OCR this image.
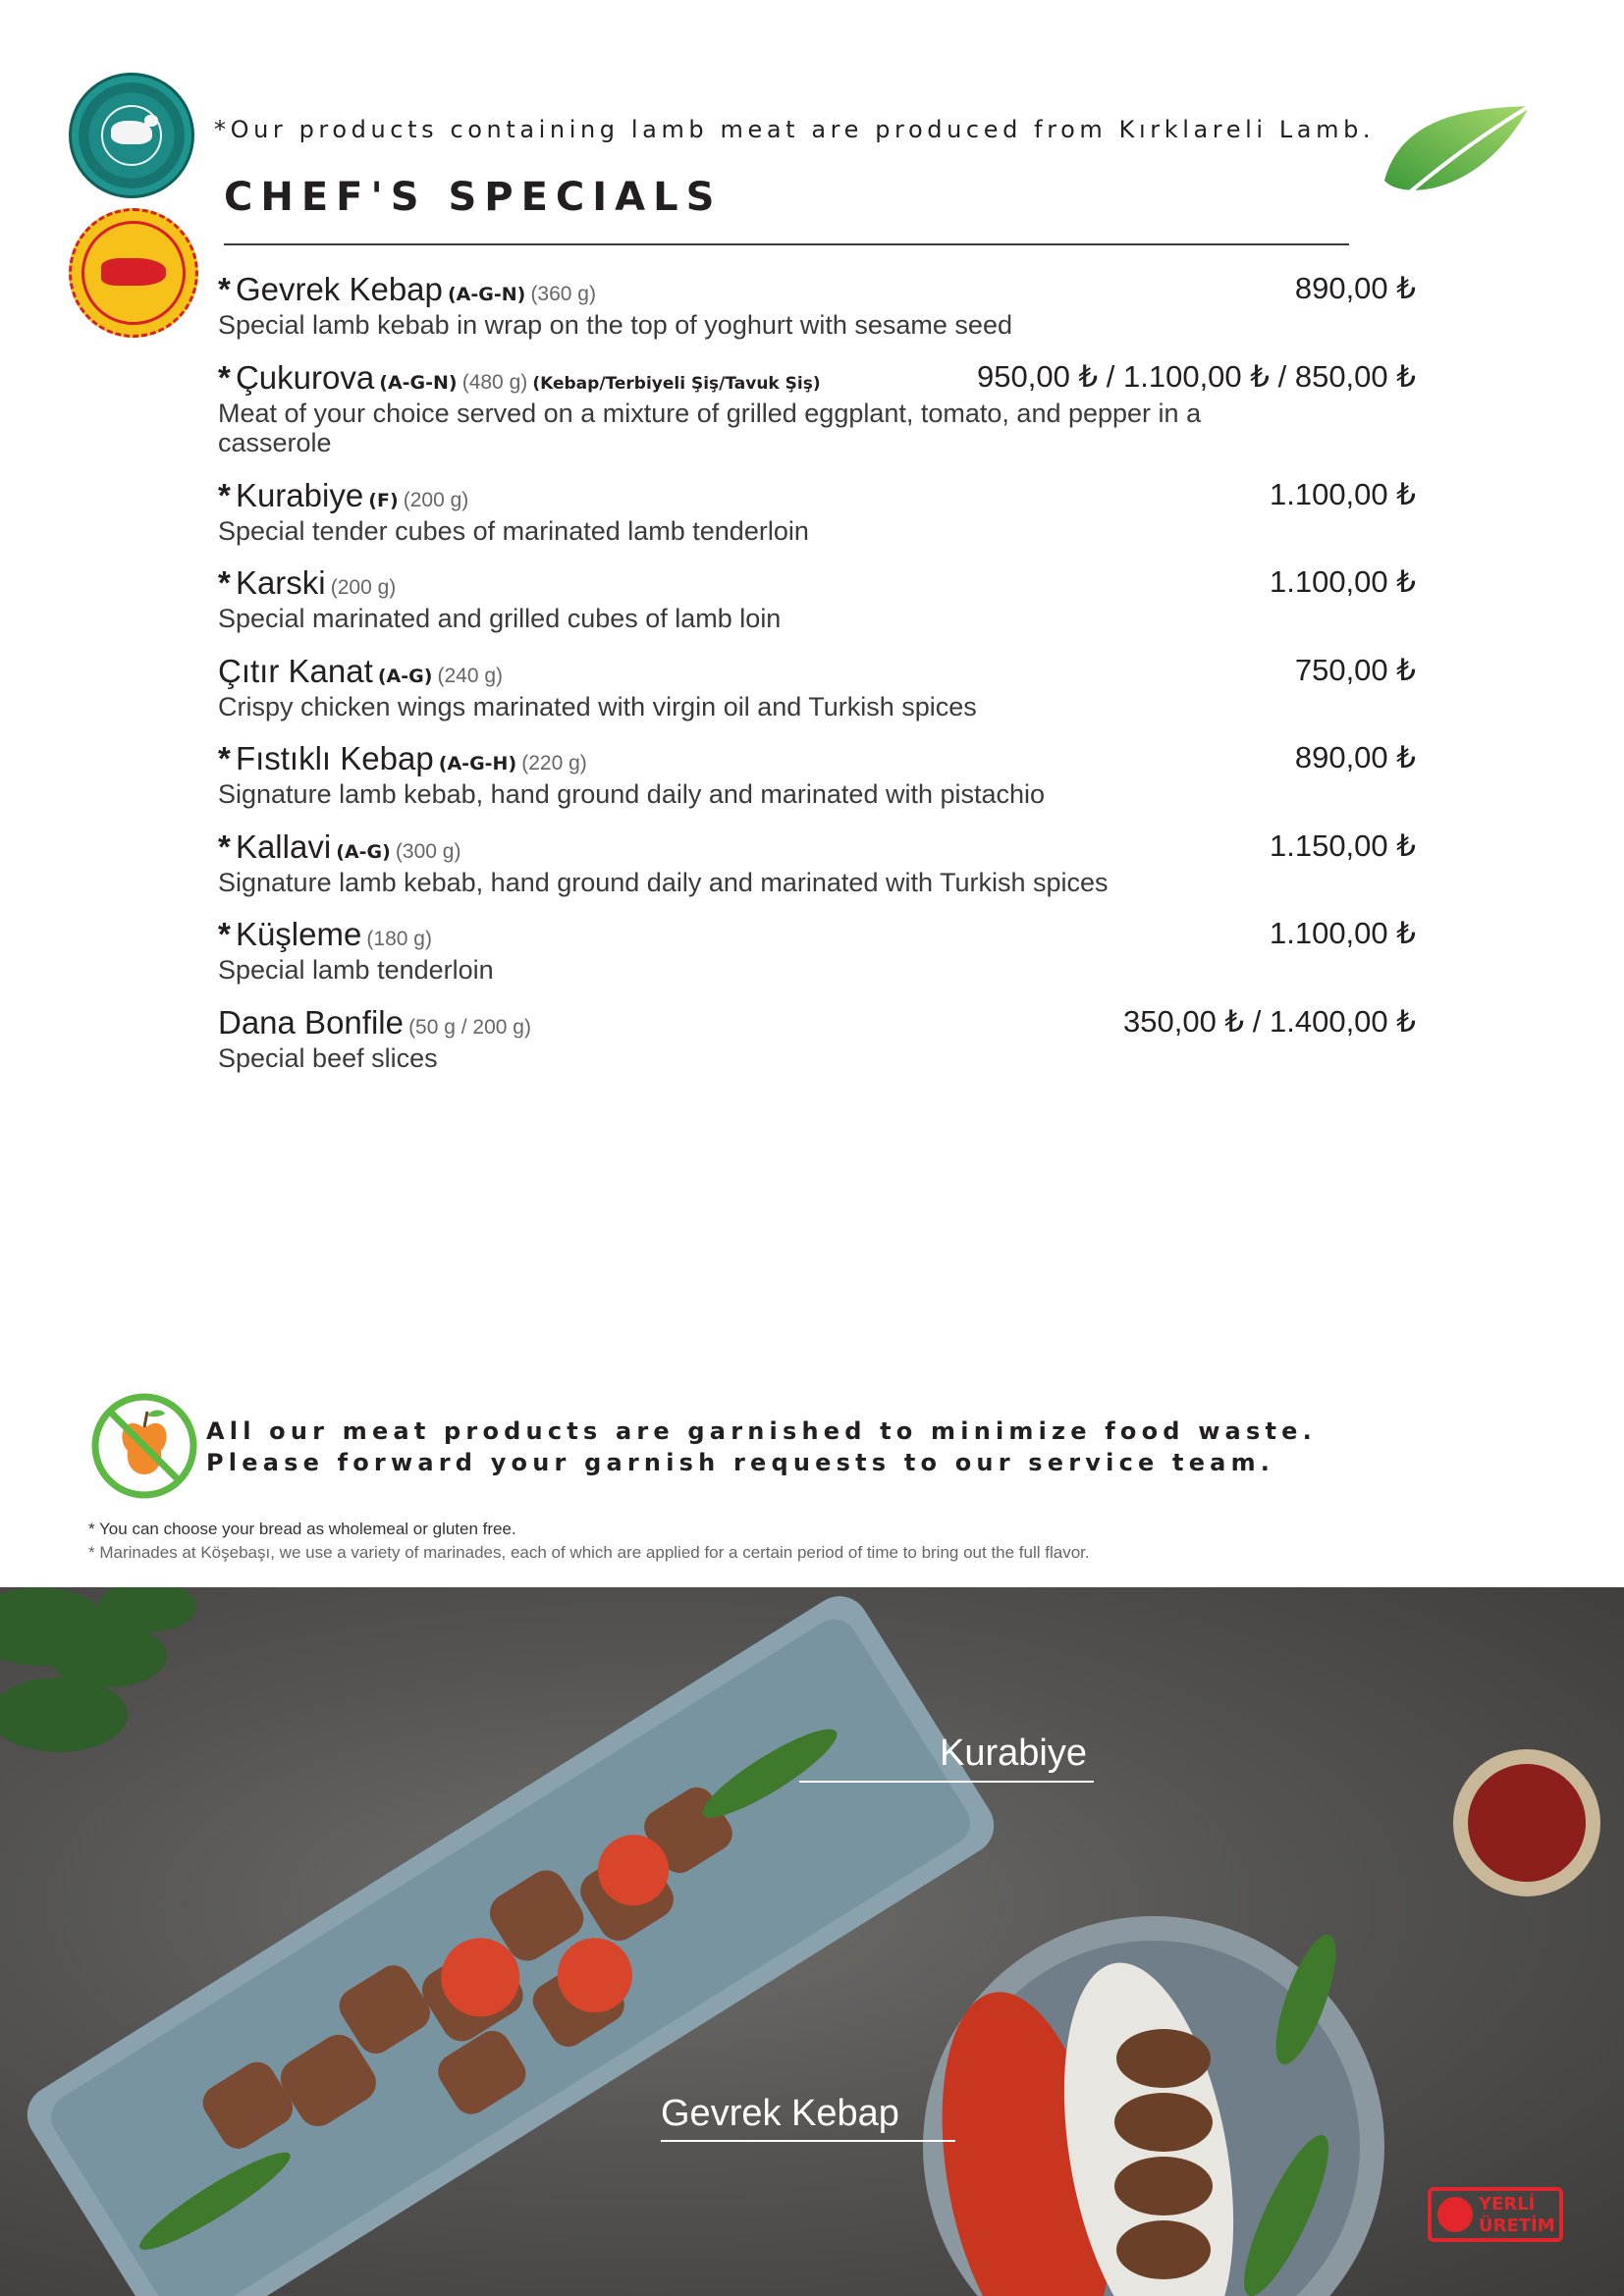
*Our products containing lamb meat are produced from Kırklareli Lamb.
CHEF'S SPECIALS
* Gevrek Kebap (A-G-N) (360 g)	890,00 ₺
Special lamb kebab in wrap on the top of yoghurt with sesame seed
* Çukurova (A-G-N) (480 g) (Kebap/Terbiyeli Şiş/Tavuk Şiş)	950,00 ₺ / 1.100,00 ₺ / 850,00 ₺
Meat of your choice served on a mixture of grilled eggplant, tomato, and pepper in a casserole
* Kurabiye (F) (200 g)	1.100,00 ₺
Special tender cubes of marinated lamb tenderloin
* Karski (200 g)	1.100,00 ₺
Special marinated and grilled cubes of lamb loin
Çıtır Kanat (A-G) (240 g)	750,00 ₺
Crispy chicken wings marinated with virgin oil and Turkish spices
* Fıstıklı Kebap (A-G-H) (220 g)	890,00 ₺
Signature lamb kebab, hand ground daily and marinated with pistachio
* Kallavi (A-G) (300 g)	1.150,00 ₺
Signature lamb kebab, hand ground daily and marinated with Turkish spices
* Küşleme (180 g)	1.100,00 ₺
Special lamb tenderloin
Dana Bonfile (50 g / 200 g)	350,00 ₺ / 1.400,00 ₺
Special beef slices
All our meat products are garnished to minimize food waste.
Please forward your garnish requests to our service team.
* You can choose your bread as wholemeal or gluten free.
* Marinades at Köşebaşı, we use a variety of marinades, each of which are applied for a certain period of time to bring out the full flavor.
Kurabiye
Gevrek Kebap
YERLİ
ÜRETİM
